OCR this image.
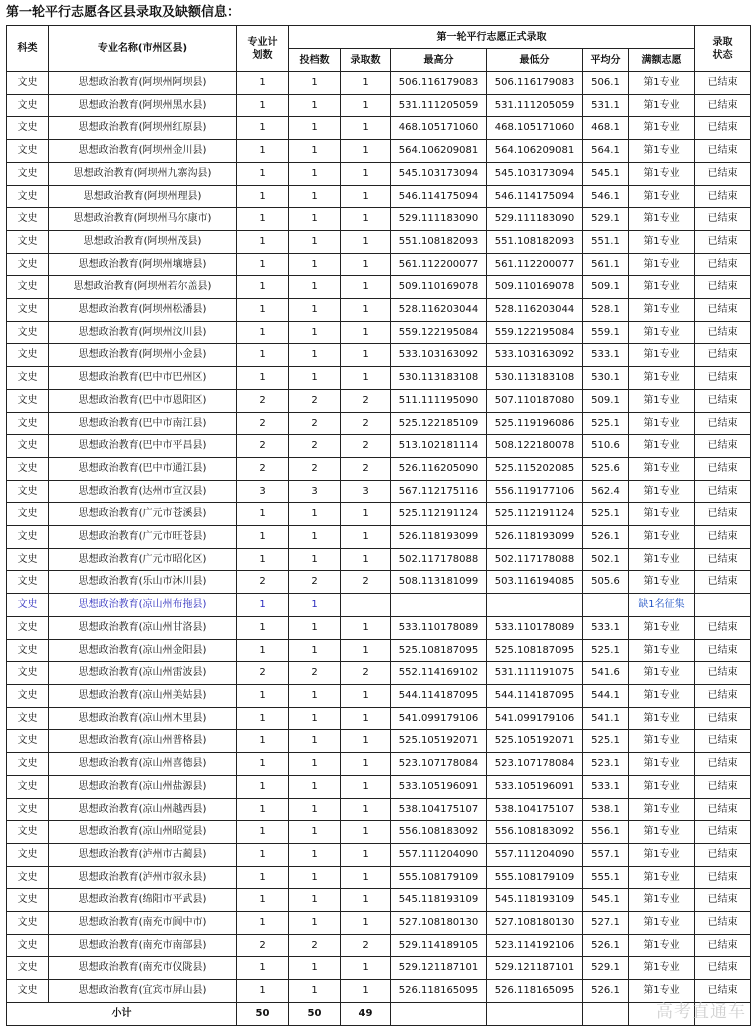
第一轮平行志愿各区县录取及缺额信息：
科类	专业名称(市州区县)	专业计划数	第一轮平行志愿正式录取						录取状态
			投档数	录取数	最高分	最低分	平均分	满额志愿	
文史	思想政治教育(阿坝州阿坝县)	1	1	1	506.116179083	506.116179083	506.1	第1专业	已结束
文史	思想政治教育(阿坝州黑水县)	1	1	1	531.111205059	531.111205059	531.1	第1专业	已结束
文史	思想政治教育(阿坝州红原县)	1	1	1	468.105171060	468.105171060	468.1	第1专业	已结束
文史	思想政治教育(阿坝州金川县)	1	1	1	564.106209081	564.106209081	564.1	第1专业	已结束
文史	思想政治教育(阿坝州九寨沟县)	1	1	1	545.103173094	545.103173094	545.1	第1专业	已结束
文史	思想政治教育(阿坝州理县)	1	1	1	546.114175094	546.114175094	546.1	第1专业	已结束
文史	思想政治教育(阿坝州马尔康市)	1	1	1	529.111183090	529.111183090	529.1	第1专业	已结束
文史	思想政治教育(阿坝州茂县)	1	1	1	551.108182093	551.108182093	551.1	第1专业	已结束
文史	思想政治教育(阿坝州壤塘县)	1	1	1	561.112200077	561.112200077	561.1	第1专业	已结束
文史	思想政治教育(阿坝州若尔盖县)	1	1	1	509.110169078	509.110169078	509.1	第1专业	已结束
文史	思想政治教育(阿坝州松潘县)	1	1	1	528.116203044	528.116203044	528.1	第1专业	已结束
文史	思想政治教育(阿坝州汶川县)	1	1	1	559.122195084	559.122195084	559.1	第1专业	已结束
文史	思想政治教育(阿坝州小金县)	1	1	1	533.103163092	533.103163092	533.1	第1专业	已结束
文史	思想政治教育(巴中市巴州区)	1	1	1	530.113183108	530.113183108	530.1	第1专业	已结束
文史	思想政治教育(巴中市恩阳区)	2	2	2	511.111195090	507.110187080	509.1	第1专业	已结束
文史	思想政治教育(巴中市南江县)	2	2	2	525.122185109	525.119196086	525.1	第1专业	已结束
文史	思想政治教育(巴中市平昌县)	2	2	2	513.102181114	508.122180078	510.6	第1专业	已结束
文史	思想政治教育(巴中市通江县)	2	2	2	526.116205090	525.115202085	525.6	第1专业	已结束
文史	思想政治教育(达州市宣汉县)	3	3	3	567.112175116	556.119177106	562.4	第1专业	已结束
文史	思想政治教育(广元市苍溪县)	1	1	1	525.112191124	525.112191124	525.1	第1专业	已结束
文史	思想政治教育(广元市旺苍县)	1	1	1	526.118193099	526.118193099	526.1	第1专业	已结束
文史	思想政治教育(广元市昭化区)	1	1	1	502.117178088	502.117178088	502.1	第1专业	已结束
文史	思想政治教育(乐山市沐川县)	2	2	2	508.113181099	503.116194085	505.6	第1专业	已结束
文史	思想政治教育(凉山州布拖县)	1	1					缺1名征集	
文史	思想政治教育(凉山州甘洛县)	1	1	1	533.110178089	533.110178089	533.1	第1专业	已结束
文史	思想政治教育(凉山州金阳县)	1	1	1	525.108187095	525.108187095	525.1	第1专业	已结束
文史	思想政治教育(凉山州雷波县)	2	2	2	552.114169102	531.111191075	541.6	第1专业	已结束
文史	思想政治教育(凉山州美姑县)	1	1	1	544.114187095	544.114187095	544.1	第1专业	已结束
文史	思想政治教育(凉山州木里县)	1	1	1	541.099179106	541.099179106	541.1	第1专业	已结束
文史	思想政治教育(凉山州普格县)	1	1	1	525.105192071	525.105192071	525.1	第1专业	已结束
文史	思想政治教育(凉山州喜德县)	1	1	1	523.107178084	523.107178084	523.1	第1专业	已结束
文史	思想政治教育(凉山州盐源县)	1	1	1	533.105196091	533.105196091	533.1	第1专业	已结束
文史	思想政治教育(凉山州越西县)	1	1	1	538.104175107	538.104175107	538.1	第1专业	已结束
文史	思想政治教育(凉山州昭觉县)	1	1	1	556.108183092	556.108183092	556.1	第1专业	已结束
文史	思想政治教育(泸州市古蔺县)	1	1	1	557.111204090	557.111204090	557.1	第1专业	已结束
文史	思想政治教育(泸州市叙永县)	1	1	1	555.108179109	555.108179109	555.1	第1专业	已结束
文史	思想政治教育(绵阳市平武县)	1	1	1	545.118193109	545.118193109	545.1	第1专业	已结束
文史	思想政治教育(南充市阆中市)	1	1	1	527.108180130	527.108180130	527.1	第1专业	已结束
文史	思想政治教育(南充市南部县)	2	2	2	529.114189105	523.114192106	526.1	第1专业	已结束
文史	思想政治教育(南充市仪陇县)	1	1	1	529.121187101	529.121187101	529.1	第1专业	已结束
文史	思想政治教育(宜宾市屏山县)	1	1	1	526.118165095	526.118165095	526.1	第1专业	已结束
小计		50	50	49						高考直通车
